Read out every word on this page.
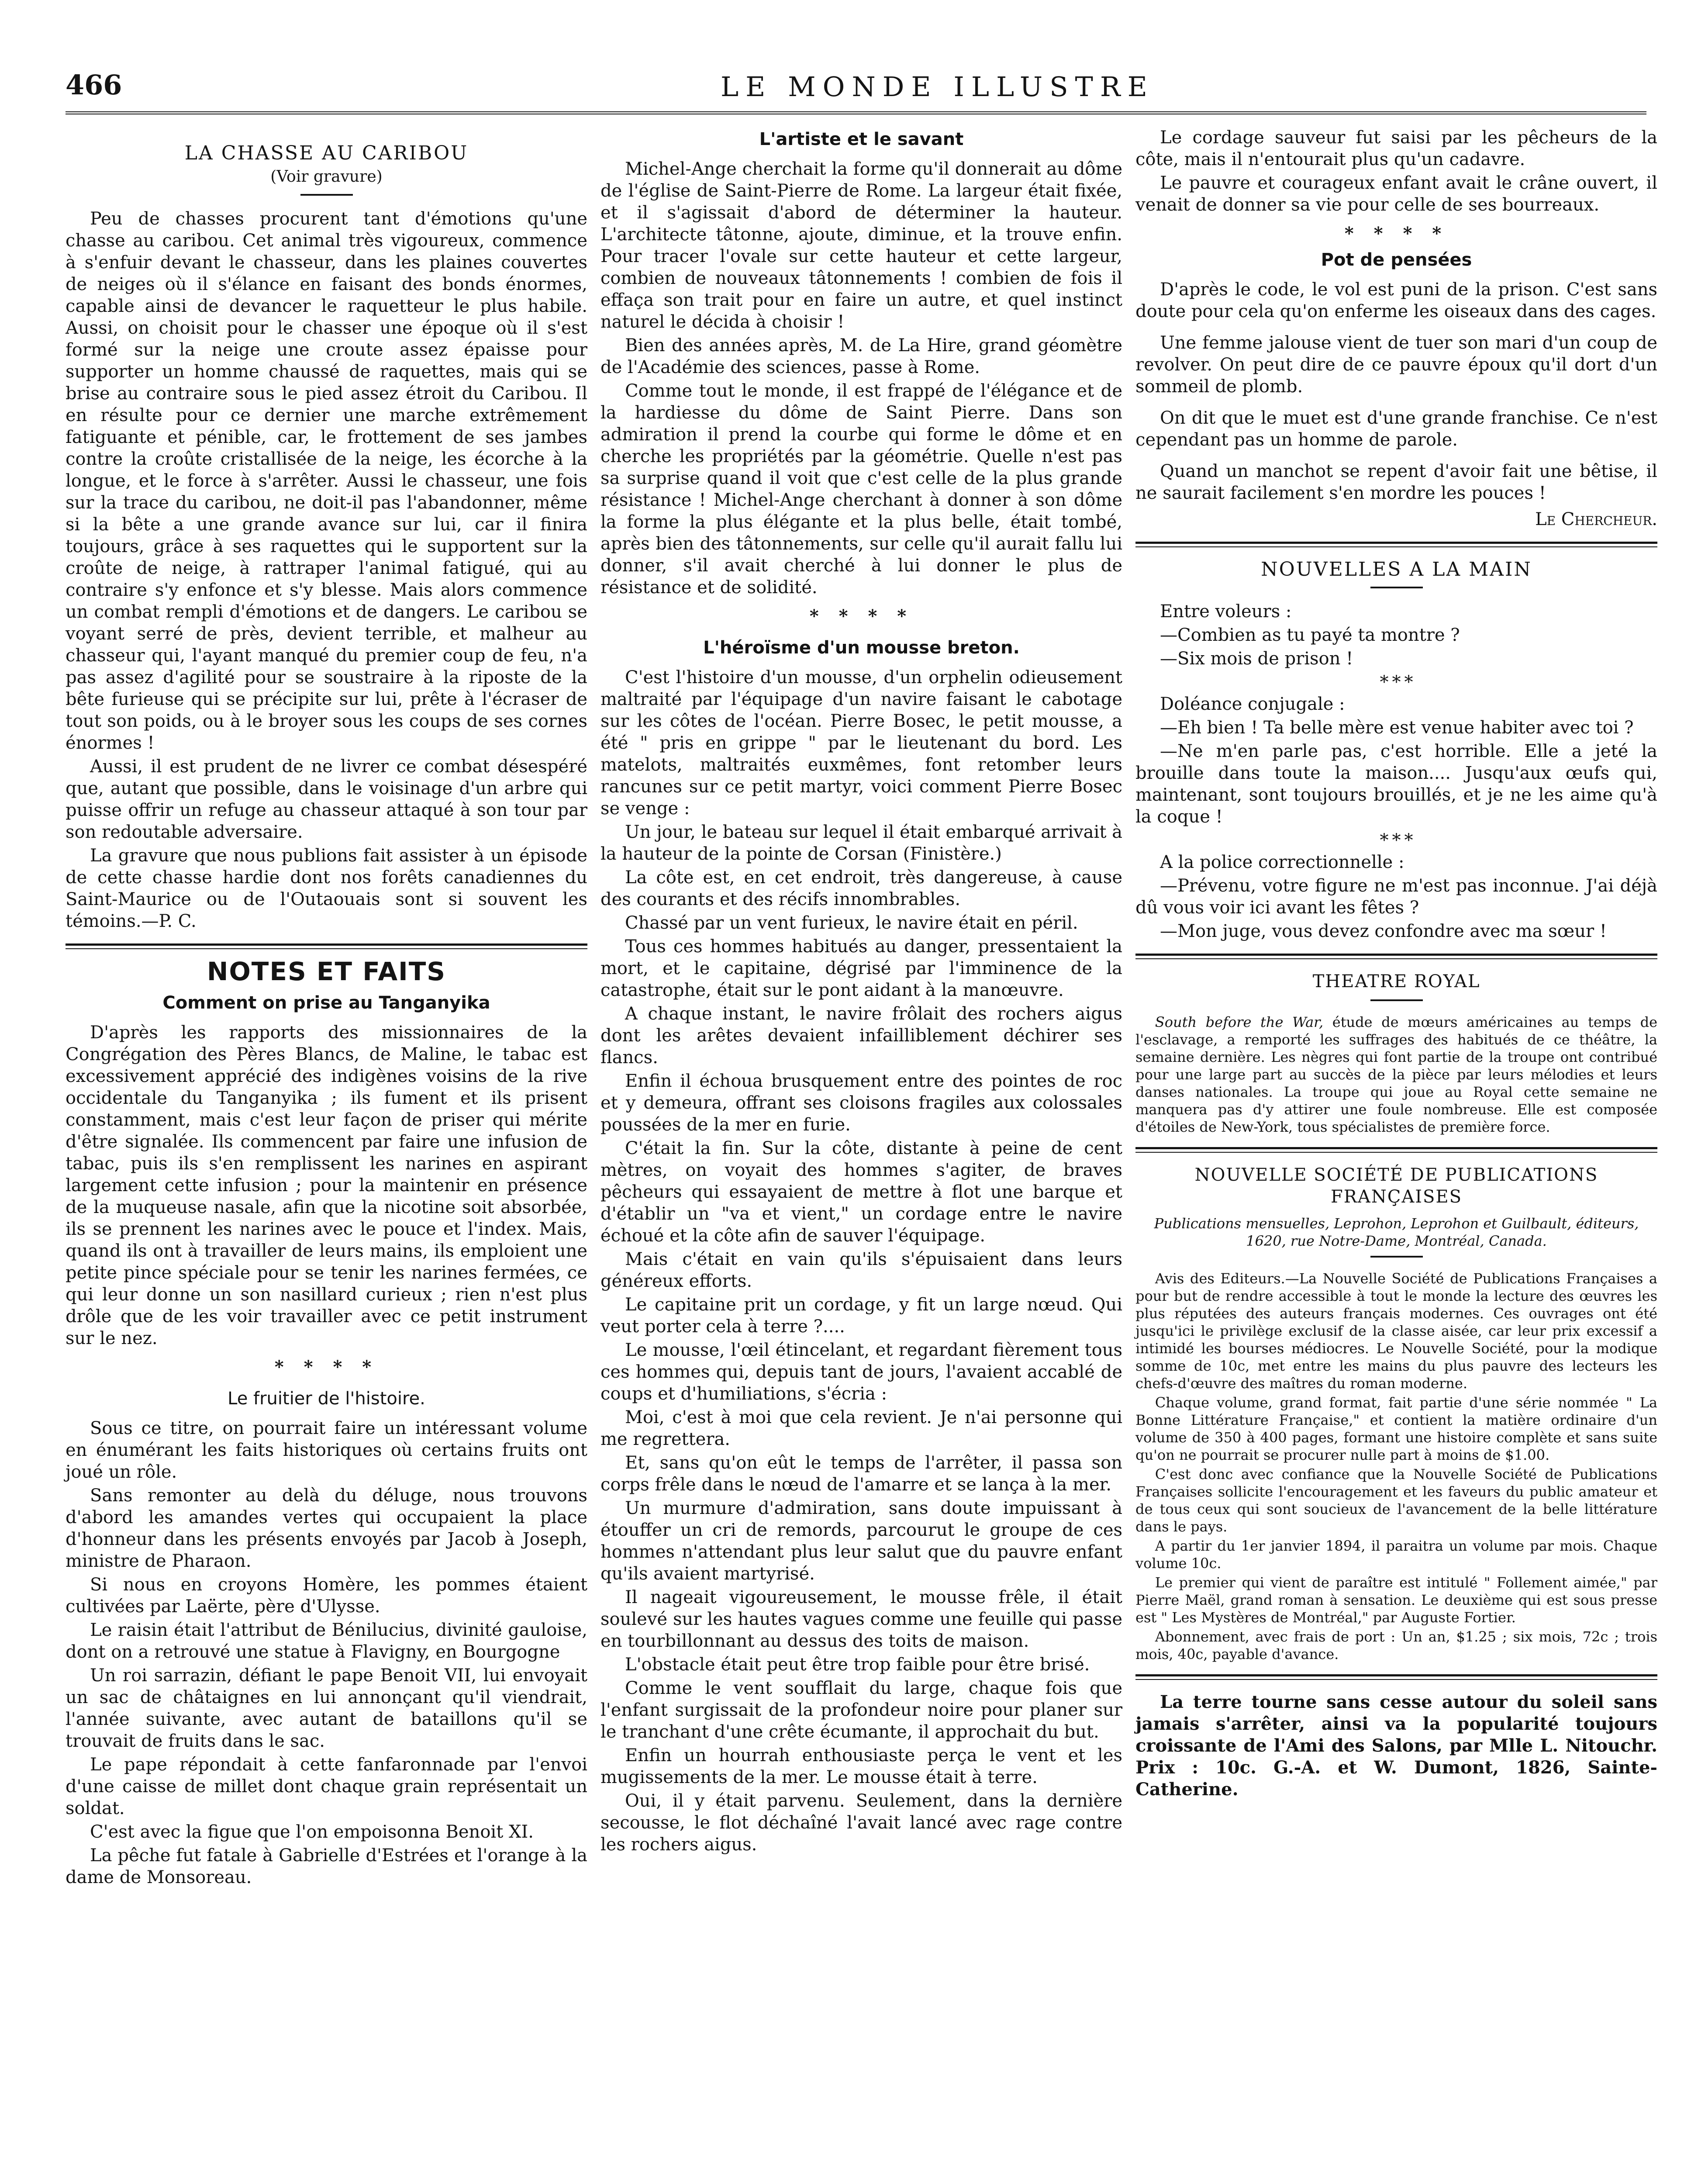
466	LE MONDE ILLUSTRE
LA CHASSE AU CARIBOU
(Voir gravure)

Peu de chasses procurent tant d'émotions qu'une chasse au caribou. Cet animal très vigoureux, commence à s'enfuir devant le chasseur, dans les plaines couvertes de neiges où il s'élance en faisant des bonds énormes, capable ainsi de devancer le raquetteur le plus habile. Aussi, on choisit pour le chasser une époque où il s'est formé sur la neige une croute assez épaisse pour supporter un homme chaussé de raquettes, mais qui se brise au contraire sous le pied assez étroit du Caribou. Il en résulte pour ce dernier une marche extrêmement fatiguante et pénible, car, le frottement de ses jambes contre la croûte cristallisée de la neige, les écorche à la longue, et le force à s'arrêter. Aussi le chasseur, une fois sur la trace du caribou, ne doit-il pas l'abandonner, même si la bête a une grande avance sur lui, car il finira toujours, grâce à ses raquettes qui le supportent sur la croûte de neige, à rattraper l'animal fatigué, qui au contraire s'y enfonce et s'y blesse. Mais alors commence un combat rempli d'émotions et de dangers. Le caribou se voyant serré de près, devient terrible, et malheur au chasseur qui, l'ayant manqué du premier coup de feu, n'a pas assez d'agilité pour se soustraire à la riposte de la bête furieuse qui se précipite sur lui, prête à l'écraser de tout son poids, ou à le broyer sous les coups de ses cornes énormes !

Aussi, il est prudent de ne livrer ce combat désespéré que, autant que possible, dans le voisinage d'un arbre qui puisse offrir un refuge au chasseur attaqué à son tour par son redoutable adversaire.

La gravure que nous publions fait assister à un épisode de cette chasse hardie dont nos forêts canadiennes du Saint-Maurice ou de l'Outaouais sont si souvent les témoins.—P. C.

NOTES ET FAITS
Comment on prise au Tanganyika

D'après les rapports des missionnaires de la Congrégation des Pères Blancs, de Maline, le tabac est excessivement apprécié des indigènes voisins de la rive occidentale du Tanganyika ; ils fument et ils prisent constamment, mais c'est leur façon de priser qui mérite d'être signalée. Ils commencent par faire une infusion de tabac, puis ils s'en remplissent les narines en aspirant largement cette infusion ; pour la maintenir en présence de la muqueuse nasale, afin que la nicotine soit absorbée, ils se prennent les narines avec le pouce et l'index. Mais, quand ils ont à travailler de leurs mains, ils emploient une petite pince spéciale pour se tenir les narines fermées, ce qui leur donne un son nasillard curieux ; rien n'est plus drôle que de les voir travailler avec ce petit instrument sur le nez.

* * * *
Le fruitier de l'histoire.

Sous ce titre, on pourrait faire un intéressant volume en énumérant les faits historiques où certains fruits ont joué un rôle.

Sans remonter au delà du déluge, nous trouvons d'abord les amandes vertes qui occupaient la place d'honneur dans les présents envoyés par Jacob à Joseph, ministre de Pharaon.

Si nous en croyons Homère, les pommes étaient cultivées par Laërte, père d'Ulysse.

Le raisin était l'attribut de Bénilucius, divinité gauloise, dont on a retrouvé une statue à Flavigny, en Bourgogne

Un roi sarrazin, défiant le pape Benoit VII, lui envoyait un sac de châtaignes en lui annonçant qu'il viendrait, l'année suivante, avec autant de bataillons qu'il se trouvait de fruits dans le sac.

Le pape répondait à cette fanfaronnade par l'envoi d'une caisse de millet dont chaque grain représentait un soldat.

C'est avec la figue que l'on empoisonna Benoit XI.

La pêche fut fatale à Gabrielle d'Estrées et l'orange à la dame de Monsoreau.

L'artiste et le savant

Michel-Ange cherchait la forme qu'il donnerait au dôme de l'église de Saint-Pierre de Rome. La largeur était fixée, et il s'agissait d'abord de déterminer la hauteur. L'architecte tâtonne, ajoute, diminue, et la trouve enfin. Pour tracer l'ovale sur cette hauteur et cette largeur, combien de nouveaux tâtonnements ! combien de fois il effaça son trait pour en faire un autre, et quel instinct naturel le décida à choisir !

Bien des années après, M. de La Hire, grand géomètre de l'Académie des sciences, passe à Rome.

Comme tout le monde, il est frappé de l'élégance et de la hardiesse du dôme de Saint Pierre. Dans son admiration il prend la courbe qui forme le dôme et en cherche les propriétés par la géométrie. Quelle n'est pas sa surprise quand il voit que c'est celle de la plus grande résistance ! Michel-Ange cherchant à donner à son dôme la forme la plus élégante et la plus belle, était tombé, après bien des tâtonnements, sur celle qu'il aurait fallu lui donner, s'il avait cherché à lui donner le plus de résistance et de solidité.

* * * *
L'héroïsme d'un mousse breton.

C'est l'histoire d'un mousse, d'un orphelin odieusement maltraité par l'équipage d'un navire faisant le cabotage sur les côtes de l'océan. Pierre Bosec, le petit mousse, a été " pris en grippe " par le lieutenant du bord. Les matelots, maltraités euxmêmes, font retomber leurs rancunes sur ce petit martyr, voici comment Pierre Bosec se venge :

Un jour, le bateau sur lequel il était embarqué arrivait à la hauteur de la pointe de Corsan (Finistère.)

La côte est, en cet endroit, très dangereuse, à cause des courants et des récifs innombrables.

Chassé par un vent furieux, le navire était en péril.

Tous ces hommes habitués au danger, pressentaient la mort, et le capitaine, dégrisé par l'imminence de la catastrophe, était sur le pont aidant à la manœuvre.

A chaque instant, le navire frôlait des rochers aigus dont les arêtes devaient infailliblement déchirer ses flancs.

Enfin il échoua brusquement entre des pointes de roc et y demeura, offrant ses cloisons fragiles aux colossales poussées de la mer en furie.

C'était la fin. Sur la côte, distante à peine de cent mètres, on voyait des hommes s'agiter, de braves pêcheurs qui essayaient de mettre à flot une barque et d'établir un "va et vient," un cordage entre le navire échoué et la côte afin de sauver l'équipage.

Mais c'était en vain qu'ils s'épuisaient dans leurs généreux efforts.

Le capitaine prit un cordage, y fit un large nœud. Qui veut porter cela à terre ?....

Le mousse, l'œil étincelant, et regardant fièrement tous ces hommes qui, depuis tant de jours, l'avaient accablé de coups et d'humiliations, s'écria :

Moi, c'est à moi que cela revient. Je n'ai personne qui me regrettera.

Et, sans qu'on eût le temps de l'arrêter, il passa son corps frêle dans le nœud de l'amarre et se lança à la mer.

Un murmure d'admiration, sans doute impuissant à étouffer un cri de remords, parcourut le groupe de ces hommes n'attendant plus leur salut que du pauvre enfant qu'ils avaient martyrisé.

Il nageait vigoureusement, le mousse frêle, il était soulevé sur les hautes vagues comme une feuille qui passe en tourbillonnant au dessus des toits de maison.

L'obstacle était peut être trop faible pour être brisé.

Comme le vent soufflait du large, chaque fois que l'enfant surgissait de la profondeur noire pour planer sur le tranchant d'une crête écumante, il approchait du but.

Enfin un hourrah enthousiaste perça le vent et les mugissements de la mer. Le mousse était à terre.

Oui, il y était parvenu. Seulement, dans la dernière secousse, le flot déchaîné l'avait lancé avec rage contre les rochers aigus.

Le cordage sauveur fut saisi par les pêcheurs de la côte, mais il n'entourait plus qu'un cadavre.

Le pauvre et courageux enfant avait le crâne ouvert, il venait de donner sa vie pour celle de ses bourreaux.

* * * *
Pot de pensées

D'après le code, le vol est puni de la prison. C'est sans doute pour cela qu'on enferme les oiseaux dans des cages.

Une femme jalouse vient de tuer son mari d'un coup de revolver. On peut dire de ce pauvre époux qu'il dort d'un sommeil de plomb.

On dit que le muet est d'une grande franchise. Ce n'est cependant pas un homme de parole.

Quand un manchot se repent d'avoir fait une bêtise, il ne saurait facilement s'en mordre les pouces !

Le Chercheur.
NOUVELLES A LA MAIN

Entre voleurs :

—Combien as tu payé ta montre ?

—Six mois de prison !

* * *

Doléance conjugale :

—Eh bien ! Ta belle mère est venue habiter avec toi ?

—Ne m'en parle pas, c'est horrible. Elle a jeté la brouille dans toute la maison.... Jusqu'aux œufs qui, maintenant, sont toujours brouillés, et je ne les aime qu'à la coque !

* * *

A la police correctionnelle :

—Prévenu, votre figure ne m'est pas inconnue. J'ai déjà dû vous voir ici avant les fêtes ?

—Mon juge, vous devez confondre avec ma sœur !

THEATRE ROYAL

South before the War, étude de mœurs américaines au temps de l'esclavage, a remporté les suffrages des habitués de ce théâtre, la semaine dernière. Les nègres qui font partie de la troupe ont contribué pour une large part au succès de la pièce par leurs mélodies et leurs danses nationales. La troupe qui joue au Royal cette semaine ne manquera pas d'y attirer une foule nombreuse. Elle est composée d'étoiles de New-York, tous spécialistes de première force.

NOUVELLE SOCIÉTÉ DE PUBLICATIONS FRANÇAISES

Publications mensuelles, Leprohon, Leprohon et Guilbault, éditeurs, 1620, rue Notre-Dame, Montréal, Canada.

Avis des Editeurs.—La Nouvelle Société de Publications Françaises a pour but de rendre accessible à tout le monde la lecture des œuvres les plus réputées des auteurs français modernes. Ces ouvrages ont été jusqu'ici le privilège exclusif de la classe aisée, car leur prix excessif a intimidé les bourses médiocres. Le Nouvelle Société, pour la modique somme de 10c, met entre les mains du plus pauvre des lecteurs les chefs-d'œuvre des maîtres du roman moderne.

Chaque volume, grand format, fait partie d'une série nommée " La Bonne Littérature Française," et contient la matière ordinaire d'un volume de 350 à 400 pages, formant une histoire complète et sans suite qu'on ne pourrait se procurer nulle part à moins de $1.00.

C'est donc avec confiance que la Nouvelle Société de Publications Françaises sollicite l'encouragement et les faveurs du public amateur et de tous ceux qui sont soucieux de l'avancement de la belle littérature dans le pays.

A partir du 1er janvier 1894, il paraitra un volume par mois. Chaque volume 10c.

Le premier qui vient de paraître est intitulé " Follement aimée," par Pierre Maël, grand roman à sensation. Le deuxième qui est sous presse est " Les Mystères de Montréal," par Auguste Fortier.

Abonnement, avec frais de port : Un an, $1.25 ; six mois, 72c ; trois mois, 40c, payable d'avance.

La terre tourne sans cesse autour du soleil sans jamais s'arrêter, ainsi va la popularité toujours croissante de l'Ami des Salons, par Mlle L. Nitouchr. Prix : 10c. G.-A. et W. Dumont, 1826, Sainte-Catherine.
